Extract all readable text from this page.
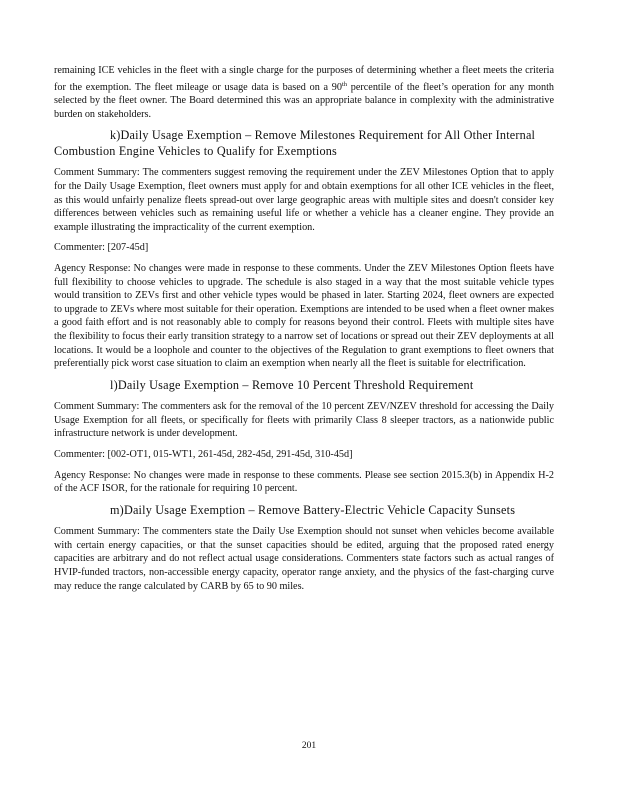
remaining ICE vehicles in the fleet with a single charge for the purposes of determining whether a fleet meets the criteria for the exemption. The fleet mileage or usage data is based on a 90th percentile of the fleet’s operation for any month selected by the fleet owner. The Board determined this was an appropriate balance in complexity with the administrative burden on stakeholders.

k)Daily Usage Exemption – Remove Milestones Requirement for All Other Internal Combustion Engine Vehicles to Qualify for Exemptions

Comment Summary: The commenters suggest removing the requirement under the ZEV Milestones Option that to apply for the Daily Usage Exemption, fleet owners must apply for and obtain exemptions for all other ICE vehicles in the fleet, as this would unfairly penalize fleets spread-out over large geographic areas with multiple sites and doesn't consider key differences between vehicles such as remaining useful life or whether a vehicle has a cleaner engine. They provide an example illustrating the impracticality of the current exemption.

Commenter: [207-45d]

Agency Response: No changes were made in response to these comments. Under the ZEV Milestones Option fleets have full flexibility to choose vehicles to upgrade. The schedule is also staged in a way that the most suitable vehicle types would transition to ZEVs first and other vehicle types would be phased in later. Starting 2024, fleet owners are expected to upgrade to ZEVs where most suitable for their operation. Exemptions are intended to be used when a fleet owner makes a good faith effort and is not reasonably able to comply for reasons beyond their control. Fleets with multiple sites have the flexibility to focus their early transition strategy to a narrow set of locations or spread out their ZEV deployments at all locations. It would be a loophole and counter to the objectives of the Regulation to grant exemptions to fleet owners that preferentially pick worst case situation to claim an exemption when nearly all the fleet is suitable for electrification.

l)Daily Usage Exemption – Remove 10 Percent Threshold Requirement

Comment Summary: The commenters ask for the removal of the 10 percent ZEV/NZEV threshold for accessing the Daily Usage Exemption for all fleets, or specifically for fleets with primarily Class 8 sleeper tractors, as a nationwide public infrastructure network is under development.

Commenter: [002-OT1, 015-WT1, 261-45d, 282-45d, 291-45d, 310-45d]

Agency Response: No changes were made in response to these comments. Please see section 2015.3(b) in Appendix H-2 of the ACF ISOR, for the rationale for requiring 10 percent.

m)Daily Usage Exemption – Remove Battery-Electric Vehicle Capacity Sunsets

Comment Summary: The commenters state the Daily Use Exemption should not sunset when vehicles become available with certain energy capacities, or that the sunset capacities should be edited, arguing that the proposed rated energy capacities are arbitrary and do not reflect actual usage considerations. Commenters state factors such as actual ranges of HVIP-funded tractors, non-accessible energy capacity, operator range anxiety, and the physics of the fast-charging curve may reduce the range calculated by CARB by 65 to 90 miles.

201
